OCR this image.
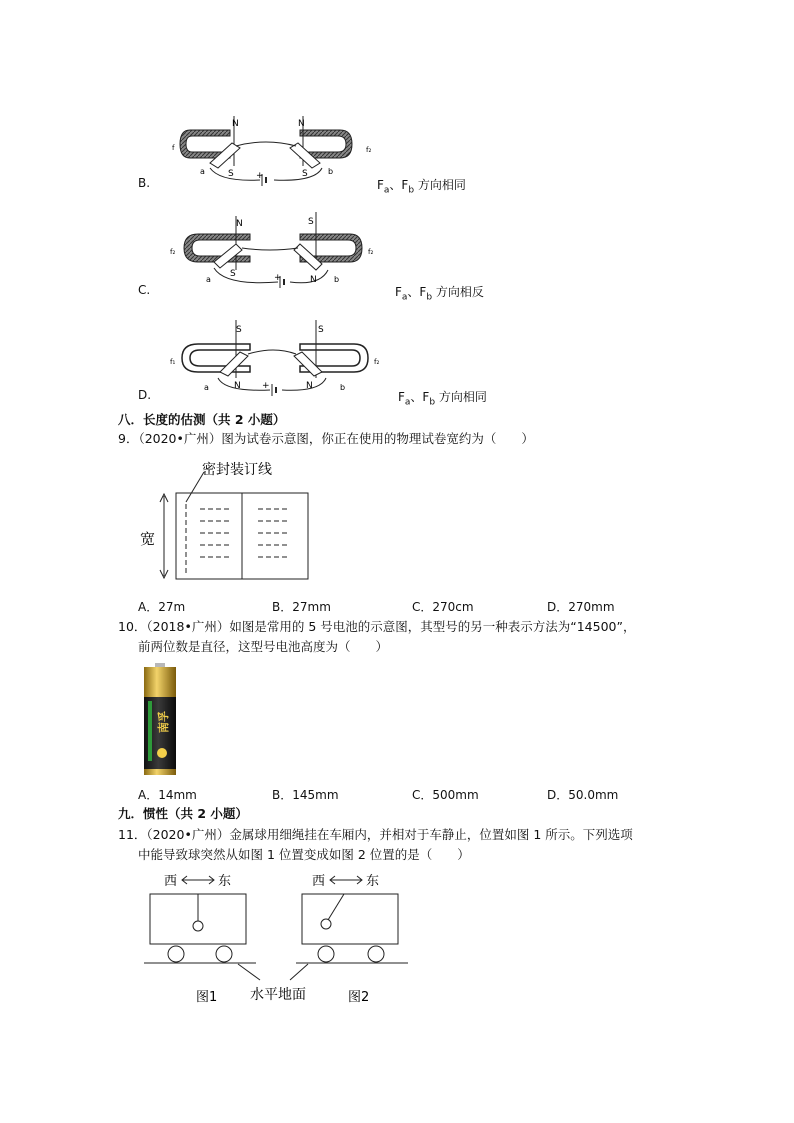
N	N
S	S
a	b
+
f	f₂
N	S
S
N
a	b
+
f₂	f₂
S	S
N	N
a	b
+
f₁	f₂
B.	$F_a$、$F_b$ 方向相同
C.	$F_a$、$F_b$ 方向相反
D.	$F_a$、$F_b$ 方向相同
八．长度的估测（共 2 小题）
9．（2020•广州）图为试卷示意图，你正在使用的物理试卷宽约为（　　）
密封装订线
宽
A．27m	B．27mm	C．270cm	D．270mm
10．（2018•广州）如图是常用的 5 号电池的示意图，其型号的另一种表示方法为“14500”，
前两位数是直径，这型号电池高度为（　　）
南孚
A．14mm	B．145mm	C．500mm	D．50.0mm
九．惯性（共 2 小题）
11．（2020•广州）金属球用细绳挂在车厢内，并相对于车静止，位置如图 1 所示。下列选项
中能导致球突然从如图 1 位置变成如图 2 位置的是（　　）
西	东	西	东
水平地面
图1	图2
